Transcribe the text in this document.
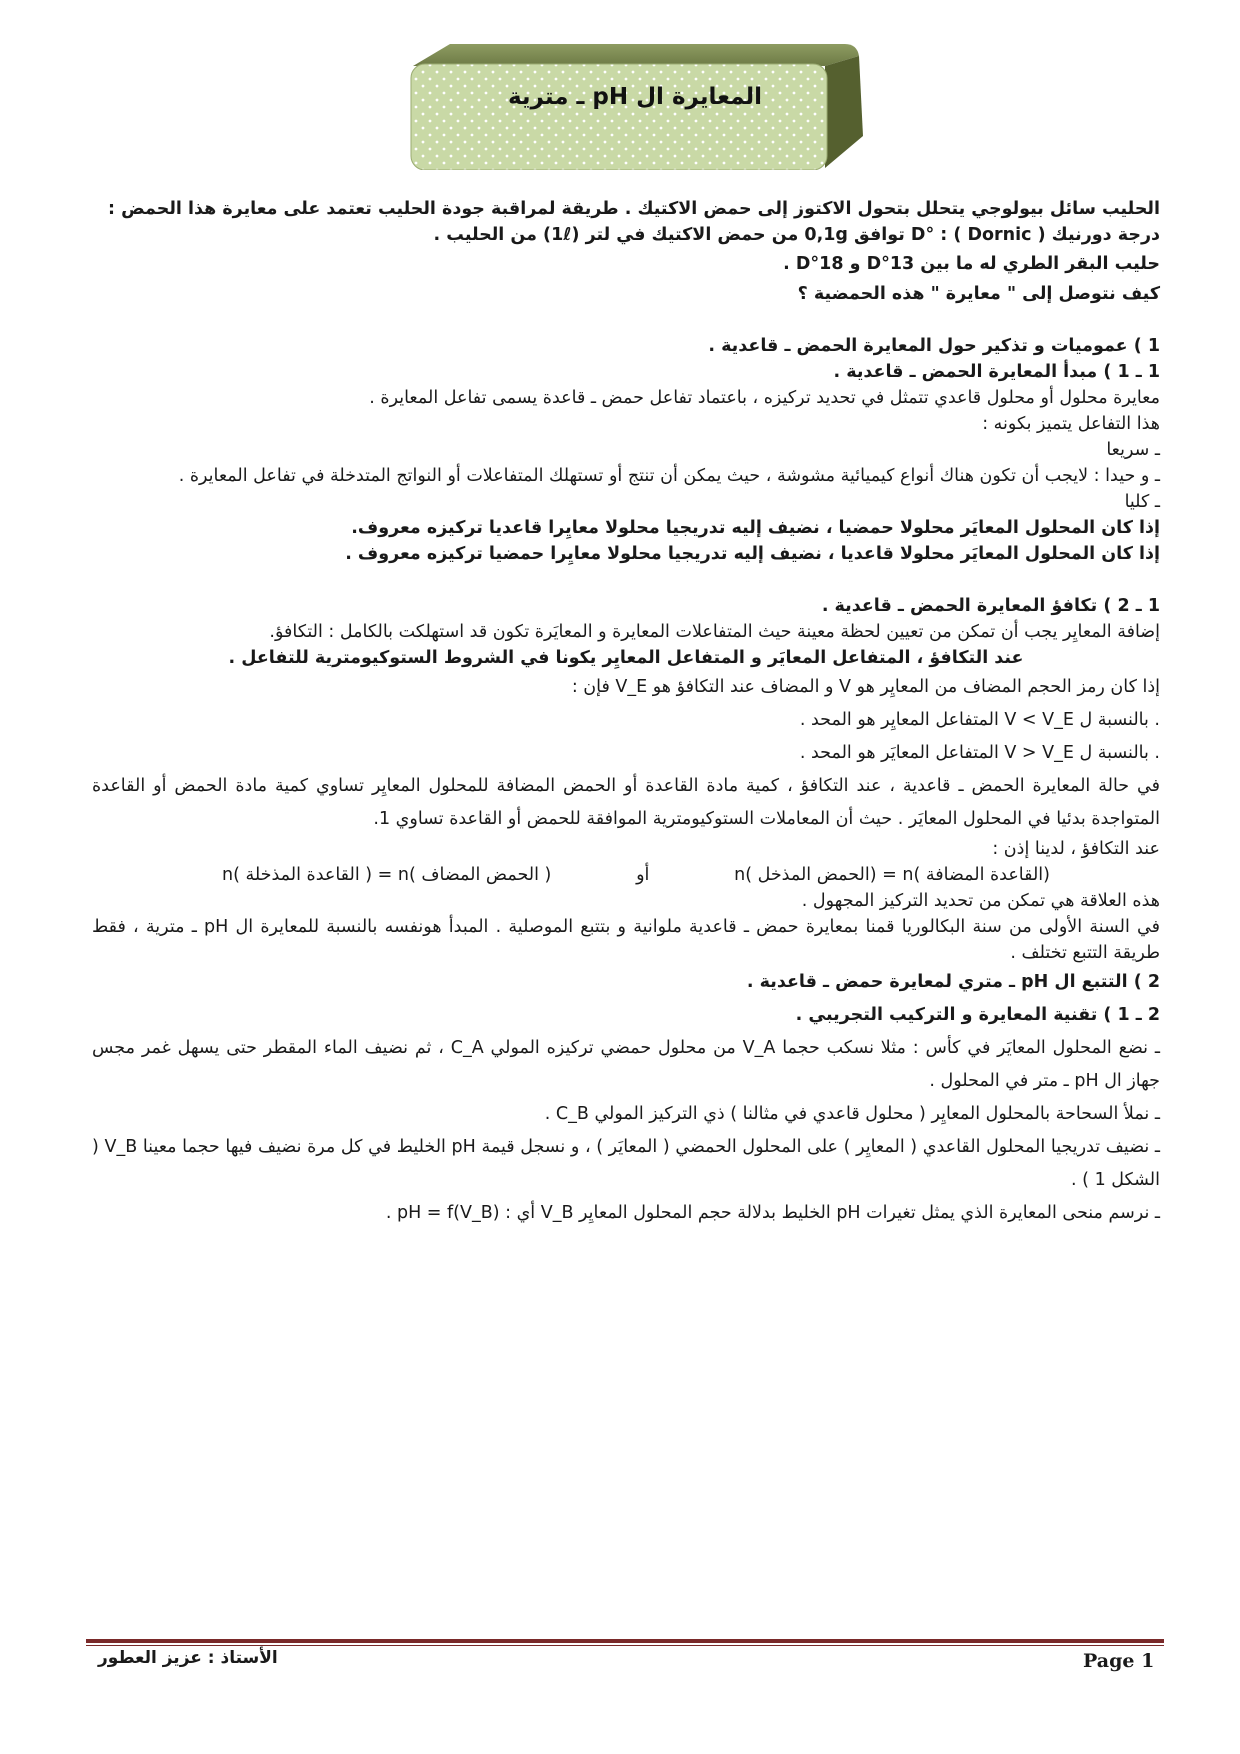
المعايرة ال pH ـ مترية

الحليب سائل بيولوجي يتحلل بتحول الاكتوز إلى حمض الاكتيك . طريقة لمراقبة جودة الحليب تعتمد على معايرة هذا الحمض :

درجة دورنيك ( Dornic ) : °D توافق 0,1g من حمض الاكتيك في لتر (1ℓ) من الحليب .

حليب البقر الطري له ما بين 13°D و 18°D .

كيف نتوصل إلى " معايرة " هذه الحمضية ؟

1 ) عموميات و تذكير حول المعايرة الحمض ـ قاعدية .

1 ـ 1 ) مبدأ المعايرة الحمض ـ قاعدية .

معايرة محلول أو محلول قاعدي تتمثل في تحديد تركيزه ، باعتماد تفاعل حمض ـ قاعدة يسمى تفاعل المعايرة .

هذا التفاعل يتميز بكونه :

ـ سريعا

ـ و حيدا : لايجب أن تكون هناك أنواع كيميائية مشوشة ، حيث يمكن أن تنتج أو تستهلك المتفاعلات أو النواتج المتدخلة في تفاعل المعايرة .

ـ كليا

إذا كان المحلول المعايَر محلولا حمضيا ، نضيف إليه تدريجيا محلولا معايِرا قاعديا تركيزه معروف.

إذا كان المحلول المعايَر محلولا قاعديا ، نضيف إليه تدريجيا محلولا معايِرا حمضيا تركيزه معروف .

1 ـ 2 ) تكافؤ المعايرة الحمض ـ قاعدية .

إضافة المعايِر يجب أن تمكن من تعيين لحظة معينة حيث المتفاعلات المعايرة و المعايَرة تكون قد استهلكت بالكامل : التكافؤ.

عند التكافؤ ، المتفاعل المعايَر و المتفاعل المعايِر يكونا في الشروط الستوكيومترية للتفاعل .

إذا كان رمز الحجم المضاف من المعايِر هو V و المضاف عند التكافؤ هو V_E فإن :

. بالنسبة ل V < V_E المتفاعل المعايِر هو المحد .

. بالنسبة ل V > V_E المتفاعل المعايَر هو المحد .

في حالة المعايرة الحمض ـ قاعدية ، عند التكافؤ ، كمية مادة القاعدة أو الحمض المضافة للمحلول المعايِر تساوي كمية مادة الحمض أو القاعدة المتواجدة بدئيا في المحلول المعايَر . حيث أن المعاملات الستوكيومترية الموافقة للحمض أو القاعدة تساوي 1.

عند التكافؤ ، لدينا إذن :

(القاعدة المضافة )n = (الحمض المذخل )n
أو
( الحمض المضاف )n = ( القاعدة المذخلة )n

هذه العلاقة هي تمكن من تحديد التركيز المجهول .

في السنة الأولى من سنة البكالوريا قمنا بمعايرة حمض ـ قاعدية ملوانية و بتتبع الموصلية . المبدأ هونفسه بالنسبة للمعايرة ال pH ـ مترية ، فقط طريقة التتبع تختلف .

2 ) التتبع ال pH ـ متري لمعايرة حمض ـ قاعدية .

2 ـ 1 ) تقنية المعايرة و التركيب التجريبي .

ـ نضع المحلول المعايَر في كأس : مثلا نسكب حجما V_A من محلول حمضي تركيزه المولي C_A ، ثم نضيف الماء المقطر حتى يسهل غمر مجس جهاز ال pH ـ متر في المحلول .

ـ نملأ السحاحة بالمحلول المعايِر ( محلول قاعدي في مثالنا ) ذي التركيز المولي C_B .

ـ نضيف تدريجيا المحلول القاعدي ( المعايِر ) على المحلول الحمضي ( المعايَر ) ، و نسجل قيمة pH الخليط في كل مرة نضيف فيها حجما معينا V_B ( الشكل 1 ) .

ـ نرسم منحى المعايرة الذي يمثل تغيرات pH الخليط بدلالة حجم المحلول المعايِر V_B أي : pH = f(V_B) .

Page 1
الأستاذ : عزيز العطور
